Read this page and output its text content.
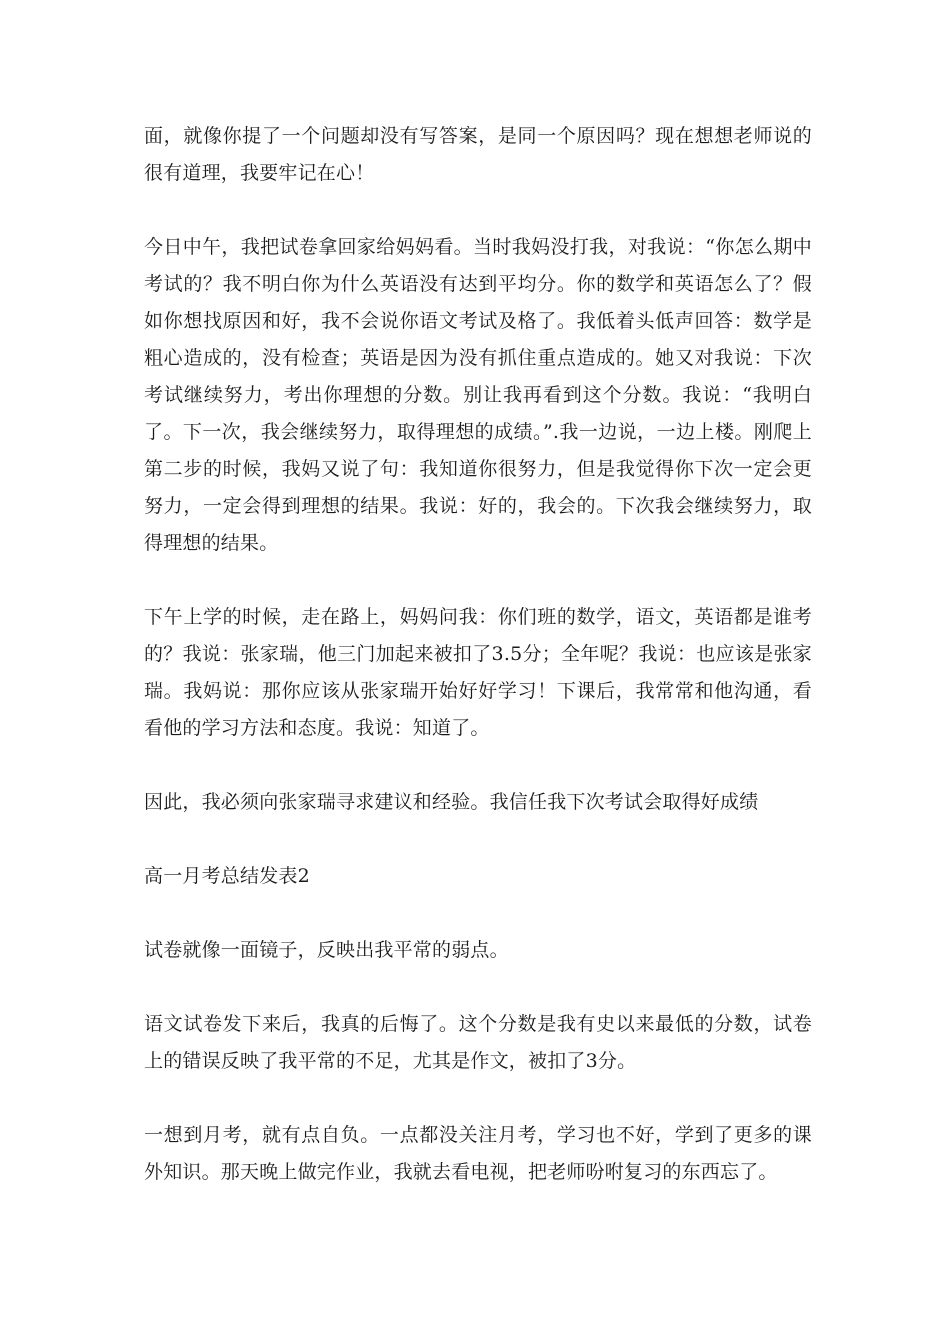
面，就像你提了一个问题却没有写答案，是同一个原因吗？现在想想老师说的很有道理，我要牢记在心！

今日中午，我把试卷拿回家给妈妈看。当时我妈没打我，对我说：“你怎么期中考试的？我不明白你为什么英语没有达到平均分。你的数学和英语怎么了？假如你想找原因和好，我不会说你语文考试及格了。我低着头低声回答：数学是粗心造成的，没有检查；英语是因为没有抓住重点造成的。她又对我说：下次考试继续努力，考出你理想的分数。别让我再看到这个分数。我说：“我明白了。下一次，我会继续努力，取得理想的成绩。”.我一边说，一边上楼。刚爬上第二步的时候，我妈又说了句：我知道你很努力，但是我觉得你下次一定会更努力，一定会得到理想的结果。我说：好的，我会的。下次我会继续努力，取得理想的结果。

下午上学的时候，走在路上，妈妈问我：你们班的数学，语文，英语都是谁考的？我说：张家瑞，他三门加起来被扣了3.5分；全年呢？我说：也应该是张家瑞。我妈说：那你应该从张家瑞开始好好学习！下课后，我常常和他沟通，看看他的学习方法和态度。我说：知道了。

因此，我必须向张家瑞寻求建议和经验。我信任我下次考试会取得好成绩

高一月考总结发表2

试卷就像一面镜子，反映出我平常的弱点。

语文试卷发下来后，我真的后悔了。这个分数是我有史以来最低的分数，试卷上的错误反映了我平常的不足，尤其是作文，被扣了3分。

一想到月考，就有点自负。一点都没关注月考，学习也不好，学到了更多的课外知识。那天晚上做完作业，我就去看电视，把老师吩咐复习的东西忘了。
